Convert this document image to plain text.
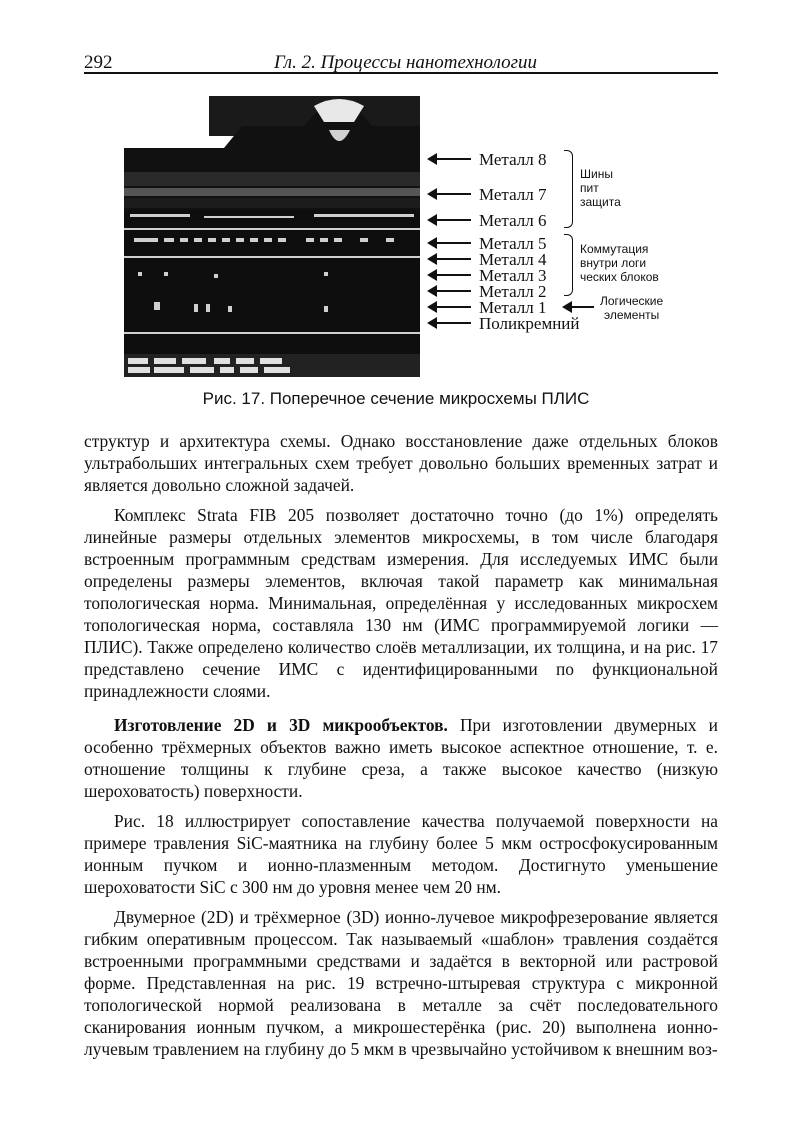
292	Гл. 2. Процессы нанотехнологии
Металл 8
Металл 7
Металл 6
Металл 5
Металл 4
Металл 3
Металл 2
Металл 1
Поликремний
Шины
пит
защита
Коммутация
внутри логи
ческих блоков
Логические
элементы
Рис. 17. Поперечное сечение микросхемы ПЛИС

структур и архитектура схемы. Однако восстановление даже отдельных блоков ультрабольших интегральных схем требует довольно больших временных затрат и является довольно сложной задачей.

Комплекс Strata FIB 205 позволяет достаточно точно (до 1%) определять линейные размеры отдельных элементов микросхемы, в том числе благодаря встроенным программным средствам измерения. Для исследуемых ИМС были определены размеры элементов, включая такой параметр как минимальная топологическая норма. Минимальная, определённая у исследованных микросхем топологическая норма, составляла 130 нм (ИМС программируемой логики — ПЛИС). Также определено количество слоёв металлизации, их толщина, и на рис. 17 представлено сечение ИМС с идентифицированными по функциональной принадлежности слоями.

Изготовление 2D и 3D микрообъектов. При изготовлении двумерных и особенно трёхмерных объектов важно иметь высокое аспектное отношение, т. е. отношение толщины к глубине среза, а также высокое качество (низкую шероховатость) поверхности.

Рис. 18 иллюстрирует сопоставление качества получаемой поверхности на примере травления SiC-маятника на глубину более 5 мкм остросфокусированным ионным пучком и ионно-плазменным методом. Достигнуто уменьшение шероховатости SiC с 300 нм до уровня менее чем 20 нм.

Двумерное (2D) и трёхмерное (3D) ионно-лучевое микрофрезерование является гибким оперативным процессом. Так называемый «шаблон» травления создаётся встроенными программными средствами и задаётся в векторной или растровой форме. Представленная на рис. 19 встречно-штыревая структура с микронной топологической нормой реализована в металле за счёт последовательного сканирования ионным пучком, а микрошестерёнка (рис. 20) выполнена ионно-лучевым травлением на глубину до 5 мкм в чрезвычайно устойчивом к внешним воз-
